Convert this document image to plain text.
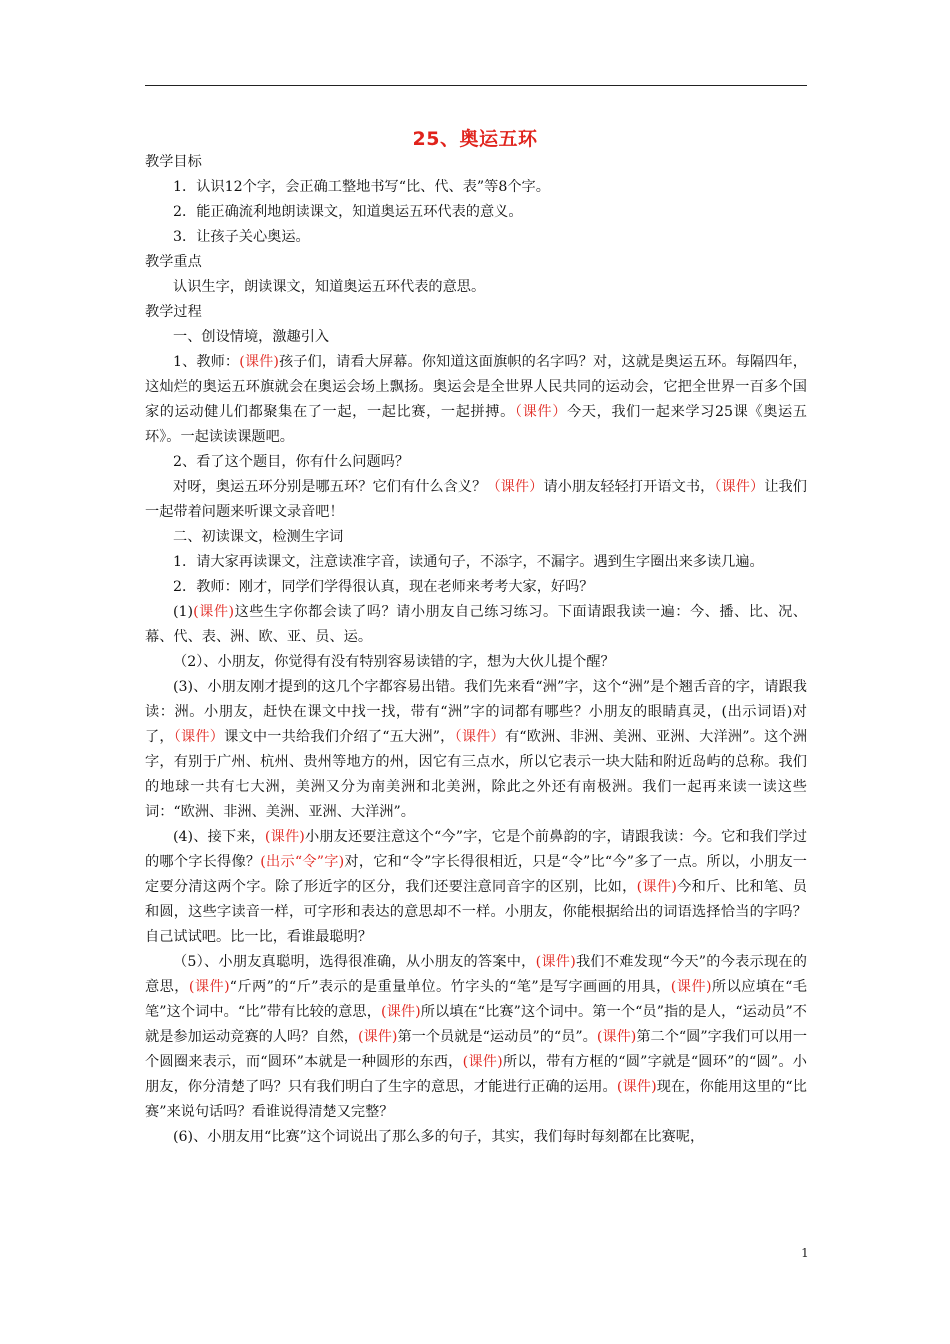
25、奥运五环

教学目标

1．认识12个字，会正确工整地书写“比、代、表”等8个字。

2．能正确流利地朗读课文，知道奥运五环代表的意义。

3．让孩子关心奥运。

教学重点

认识生字，朗读课文，知道奥运五环代表的意思。

教学过程

一、创设情境，激趣引入

1、教师：(课件)孩子们，请看大屏幕。你知道这面旗帜的名字吗？对，这就是奥运五环。每隔四年，这灿烂的奥运五环旗就会在奥运会场上飘扬。奥运会是全世界人民共同的运动会，它把全世界一百多个国家的运动健儿们都聚集在了一起，一起比赛，一起拼搏。（课件）今天，我们一起来学习25课《奥运五环》。一起读读课题吧。

2、看了这个题目，你有什么问题吗？

对呀，奥运五环分别是哪五环？它们有什么含义？（课件）请小朋友轻轻打开语文书，（课件）让我们一起带着问题来听课文录音吧！

二、初读课文，检测生字词

1．请大家再读课文，注意读准字音，读通句子，不添字，不漏字。遇到生字圈出来多读几遍。

2．教师：刚才，同学们学得很认真，现在老师来考考大家，好吗？

(1)(课件)这些生字你都会读了吗？请小朋友自己练习练习。下面请跟我读一遍：今、播、比、况、幕、代、表、洲、欧、亚、员、运。

（2）、小朋友，你觉得有没有特别容易读错的字，想为大伙儿提个醒？

(3)、小朋友刚才提到的这几个字都容易出错。我们先来看“洲”字，这个“洲”是个翘舌音的字，请跟我读：洲。小朋友，赶快在课文中找一找，带有“洲”字的词都有哪些？小朋友的眼睛真灵，(出示词语)对了，（课件）课文中一共给我们介绍了“五大洲”，（课件）有“欧洲、非洲、美洲、亚洲、大洋洲”。这个洲字，有别于广州、杭州、贵州等地方的州，因它有三点水，所以它表示一块大陆和附近岛屿的总称。我们的地球一共有七大洲，美洲又分为南美洲和北美洲，除此之外还有南极洲。我们一起再来读一读这些词：“欧洲、非洲、美洲、亚洲、大洋洲”。

(4)、接下来，(课件)小朋友还要注意这个“今”字，它是个前鼻韵的字，请跟我读：今。它和我们学过的哪个字长得像？(出示“令”字)对，它和“令”字长得很相近，只是“令”比“今”多了一点。所以，小朋友一定要分清这两个字。除了形近字的区分，我们还要注意同音字的区别，比如，(课件)今和斤、比和笔、员和圆，这些字读音一样，可字形和表达的意思却不一样。小朋友，你能根据给出的词语选择恰当的字吗？自己试试吧。比一比，看谁最聪明？

（5）、小朋友真聪明，选得很准确，从小朋友的答案中，(课件)我们不难发现“今天”的今表示现在的意思，(课件)“斤两”的“斤”表示的是重量单位。竹字头的“笔”是写字画画的用具，(课件)所以应填在“毛笔”这个词中。“比”带有比较的意思，(课件)所以填在“比赛”这个词中。第一个“员”指的是人，“运动员”不就是参加运动竞赛的人吗？自然，(课件)第一个员就是“运动员”的“员”。(课件)第二个“圆”字我们可以用一个圆圈来表示，而“圆环”本就是一种圆形的东西，(课件)所以，带有方框的“圆”字就是“圆环”的“圆”。小朋友，你分清楚了吗？只有我们明白了生字的意思，才能进行正确的运用。(课件)现在，你能用这里的“比赛”来说句话吗？看谁说得清楚又完整？

(6)、小朋友用“比赛”这个词说出了那么多的句子，其实，我们每时每刻都在比赛呢，

1
